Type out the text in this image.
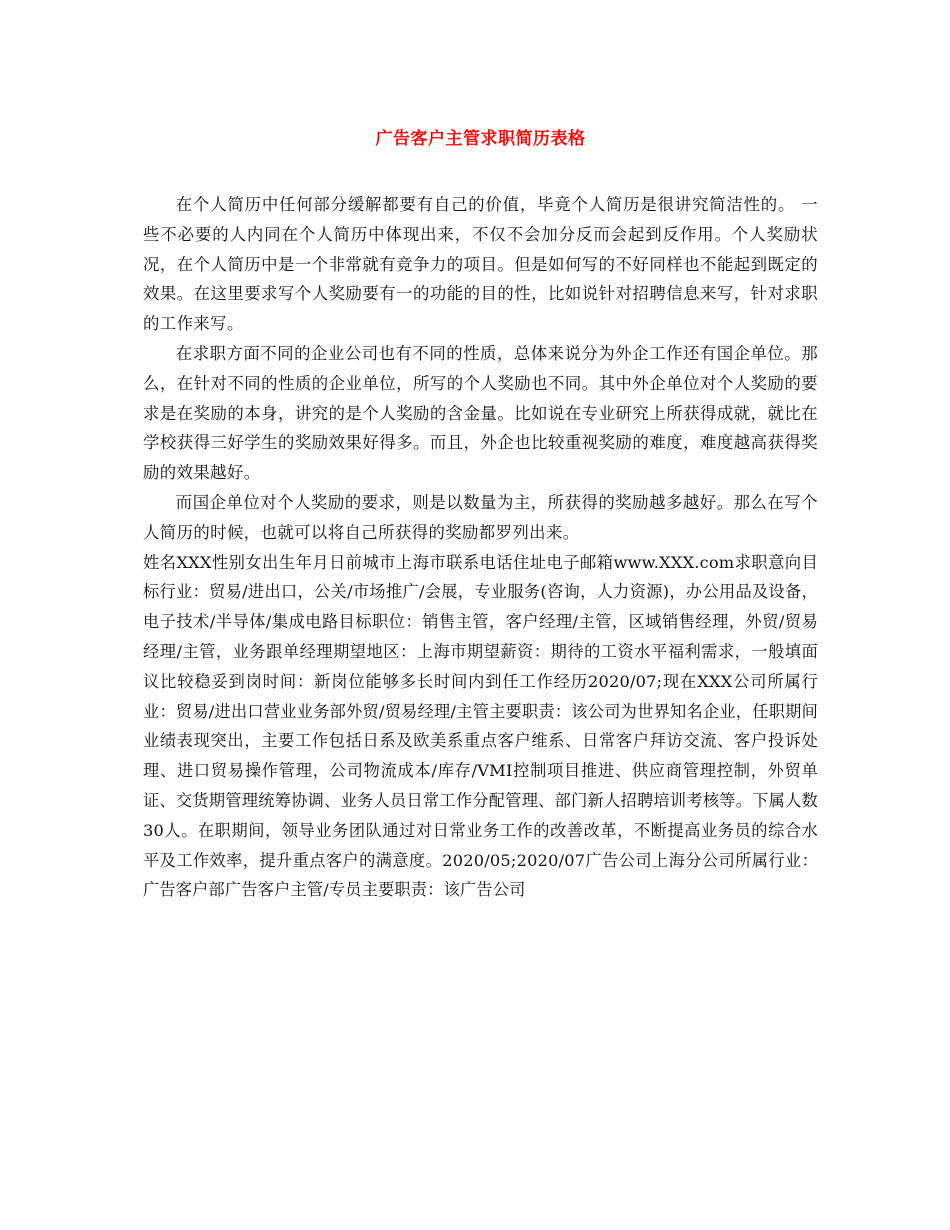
广告客户主管求职简历表格

在个人简历中任何部分缓解都要有自己的价值，毕竟个人简历是很讲究简洁性的。 一些不必要的人内同在个人简历中体现出来，不仅不会加分反而会起到反作用。个人奖励状况，在个人简历中是一个非常就有竞争力的项目。但是如何写的不好同样也不能起到既定的效果。在这里要求写个人奖励要有一的功能的目的性，比如说针对招聘信息来写，针对求职的工作来写。

在求职方面不同的企业公司也有不同的性质，总体来说分为外企工作还有国企单位。那么，在针对不同的性质的企业单位，所写的个人奖励也不同。其中外企单位对个人奖励的要求是在奖励的本身，讲究的是个人奖励的含金量。比如说在专业研究上所获得成就，就比在学校获得三好学生的奖励效果好得多。而且，外企也比较重视奖励的难度，难度越高获得奖励的效果越好。

而国企单位对个人奖励的要求，则是以数量为主，所获得的奖励越多越好。那么在写个人简历的时候，也就可以将自己所获得的奖励都罗列出来。

姓名XXX性别女出生年月日前城市上海市联系电话住址电子邮箱www.XXX.com求职意向目标行业：贸易/进出口，公关/市场推广/会展，专业服务(咨询，人力资源)，办公用品及设备，电子技术/半导体/集成电路目标职位：销售主管，客户经理/主管，区域销售经理，外贸/贸易经理/主管，业务跟单经理期望地区：上海市期望薪资：期待的工资水平福利需求，一般填面议比较稳妥到岗时间：新岗位能够多长时间内到任工作经历2020/07;现在XXX公司所属行业：贸易/进出口营业业务部外贸/贸易经理/主管主要职责：该公司为世界知名企业，任职期间业绩表现突出，主要工作包括日系及欧美系重点客户维系、日常客户拜访交流、客户投诉处理、进口贸易操作管理，公司物流成本/库存/VMI控制项目推进、供应商管理控制，外贸单证、交货期管理统筹协调、业务人员日常工作分配管理、部门新人招聘培训考核等。下属人数30人。在职期间，领导业务团队通过对日常业务工作的改善改革，不断提高业务员的综合水平及工作效率，提升重点客户的满意度。2020/05;2020/07广告公司上海分公司所属行业：广告客户部广告客户主管/专员主要职责：该广告公司
